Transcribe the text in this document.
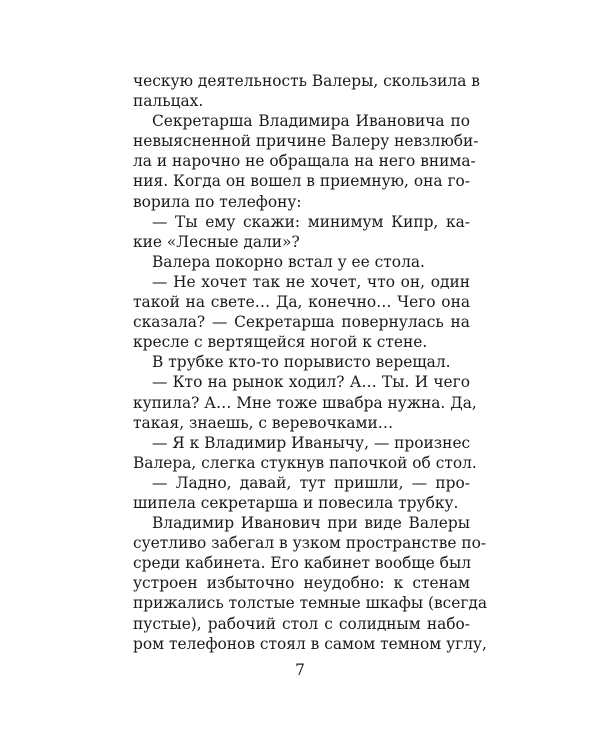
ческую деятельность Валеры, скользила в
пальцах.
Секретарша Владимира Ивановича по
невыясненной причине Валеру невзлюби-
ла и нарочно не обращала на него внима-
ния. Когда он вошел в приемную, она го-
ворила по телефону:
— Ты ему скажи: минимум Кипр, ка-
кие «Лесные дали»?
Валера покорно встал у ее стола.
— Не хочет так не хочет, что он, один
такой на свете… Да, конечно… Чего она
сказала? — Секретарша повернулась на
кресле с вертящейся ногой к стене.
В трубке кто-то порывисто верещал.
— Кто на рынок ходил? А… Ты. И чего
купила? А… Мне тоже швабра нужна. Да,
такая, знаешь, с веревочками…
— Я к Владимир Иванычу, — произнес
Валера, слегка стукнув папочкой об стол.
— Ладно, давай, тут пришли, — про-
шипела секретарша и повесила трубку.
Владимир Иванович при виде Валеры
суетливо забегал в узком пространстве по-
среди кабинета. Его кабинет вообще был
устроен избыточно неудобно: к стенам
прижались толстые темные шкафы (всегда
пустые), рабочий стол с солидным набо-
ром телефонов стоял в самом темном углу,
7
